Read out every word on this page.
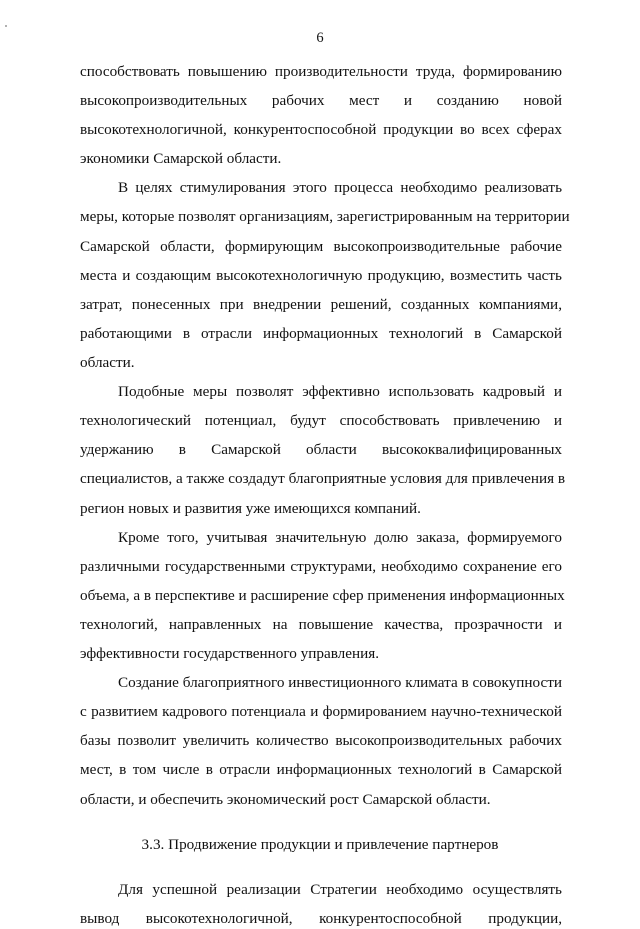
6
способствовать повышению производительности труда, формированию
высокопроизводительных рабочих мест и созданию новой
высокотехнологичной, конкурентоспособной продукции во всех сферах
экономики Самарской области.
В целях стимулирования этого процесса необходимо реализовать
меры, которые позволят организациям, зарегистрированным на территории
Самарской области, формирующим высокопроизводительные рабочие
места и создающим высокотехнологичную продукцию, возместить часть
затрат, понесенных при внедрении решений, созданных компаниями,
работающими в отрасли информационных технологий в Самарской
области.
Подобные меры позволят эффективно использовать кадровый и
технологический потенциал, будут способствовать привлечению и
удержанию в Самарской области высококвалифицированных
специалистов, а также создадут благоприятные условия для привлечения в
регион новых и развития уже имеющихся компаний.
Кроме того, учитывая значительную долю заказа, формируемого
различными государственными структурами, необходимо сохранение его
объема, а в перспективе и расширение сфер применения информационных
технологий, направленных на повышение качества, прозрачности и
эффективности государственного управления.
Создание благоприятного инвестиционного климата в совокупности
с развитием кадрового потенциала и формированием научно-технической
базы позволит увеличить количество высокопроизводительных рабочих
мест, в том числе в отрасли информационных технологий в Самарской
области, и обеспечить экономический рост Самарской области.
3.3. Продвижение продукции и привлечение партнеров
Для успешной реализации Стратегии необходимо осуществлять
вывод высокотехнологичной, конкурентоспособной продукции,
